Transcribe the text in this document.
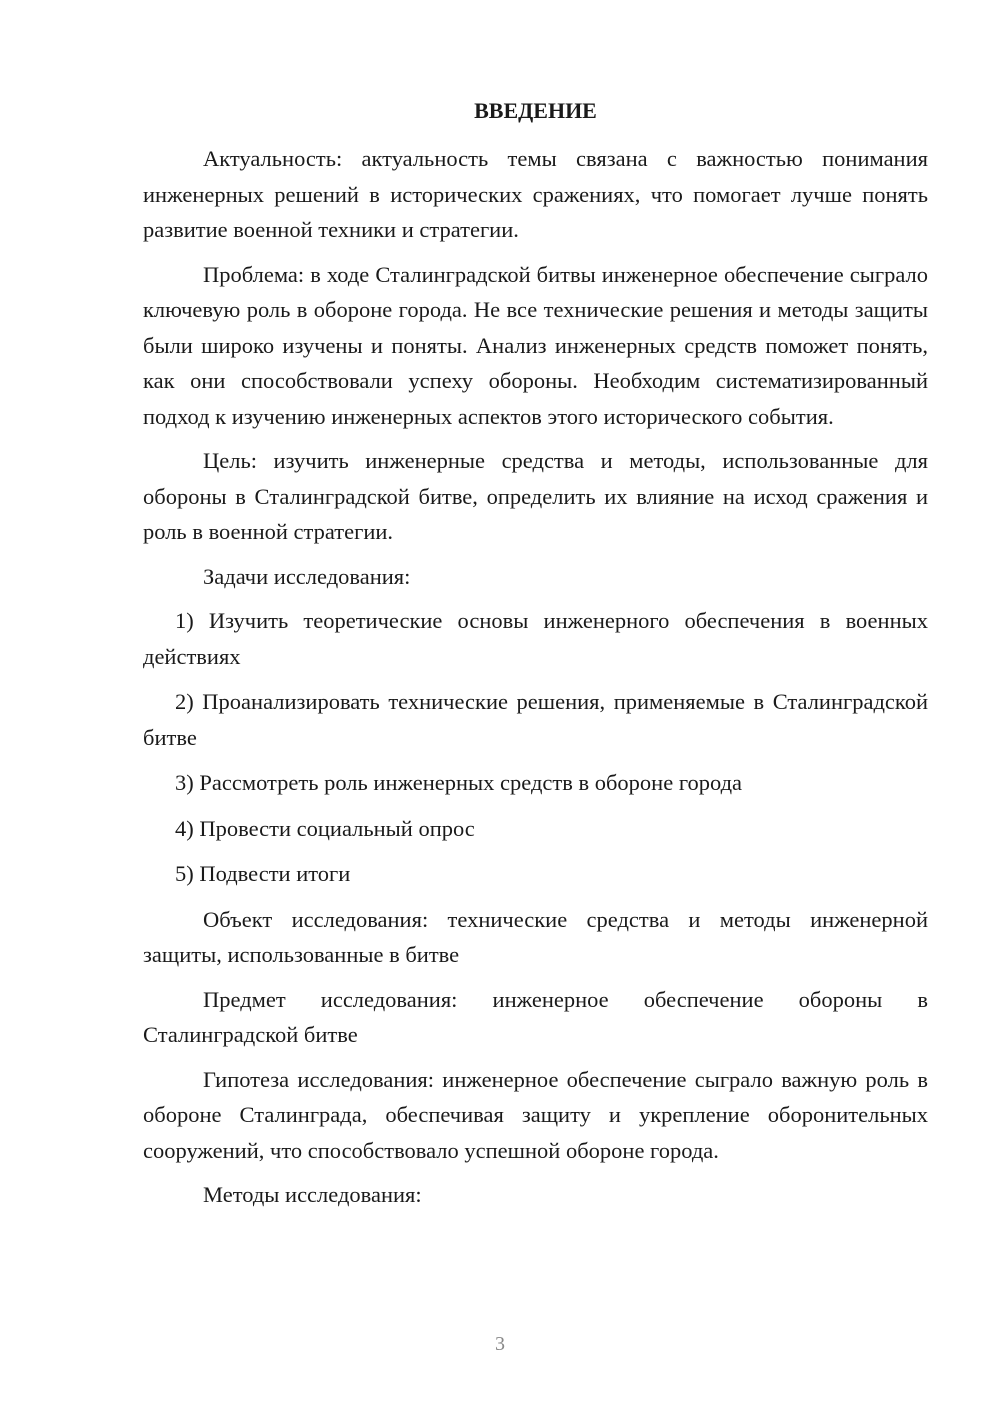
ВВЕДЕНИЕ

Актуальность: актуальность темы связана с важностью понимания инженерных решений в исторических сражениях, что помогает лучше понять развитие военной техники и стратегии.

Проблема: в ходе Сталинградской битвы инженерное обеспечение сыграло ключевую роль в обороне города. Не все технические решения и методы защиты были широко изучены и поняты. Анализ инженерных средств поможет понять, как они способствовали успеху обороны. Необходим систематизированный подход к изучению инженерных аспектов этого исторического события.

Цель: изучить инженерные средства и методы, использованные для обороны в Сталинградской битве, определить их влияние на исход сражения и роль в военной стратегии.

Задачи исследования:

1) Изучить теоретические основы инженерного обеспечения в военных действиях

2) Проанализировать технические решения, применяемые в Сталинградской битве

3) Рассмотреть роль инженерных средств в обороне города

4) Провести социальный опрос

5) Подвести итоги

Объект исследования: технические средства и методы инженерной защиты, использованные в битве

Предмет исследования: инженерное обеспечение обороны в Сталинградской битве

Гипотеза исследования: инженерное обеспечение сыграло важную роль в обороне Сталинграда, обеспечивая защиту и укрепление оборонительных сооружений, что способствовало успешной обороне города.

Методы исследования:

3
